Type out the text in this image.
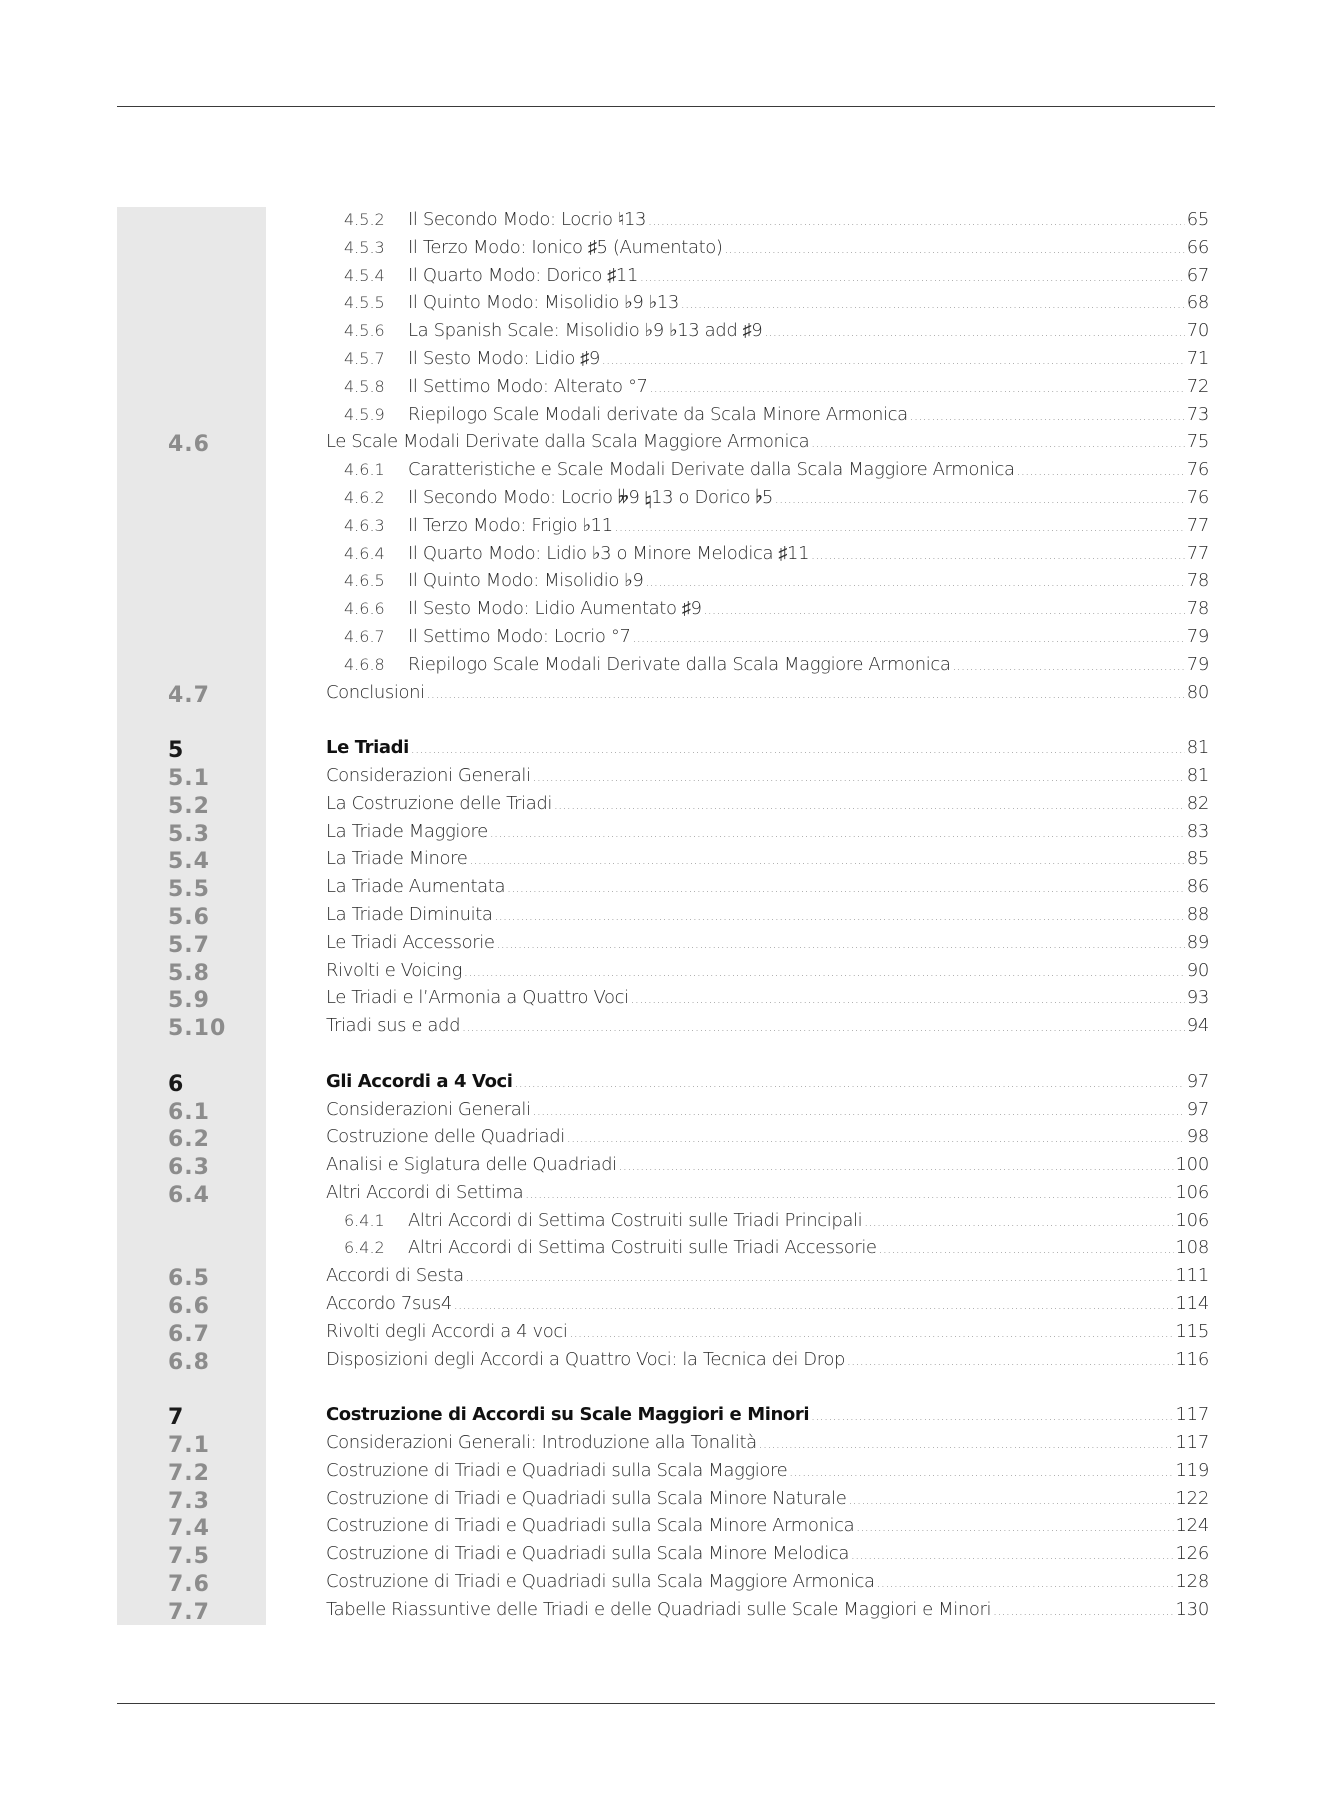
4.5.2	Il Secondo Modo: Locrio ♮13 .....	65
4.5.3	Il Terzo Modo: Ionico ♯5 (Aumentato) .....	66
4.5.4	Il Quarto Modo: Dorico ♯11 .....	67
4.5.5	Il Quinto Modo: Misolidio ♭9 ♭13 .....	68
4.5.6	La Spanish Scale: Misolidio ♭9 ♭13 add ♯9 .....	70
4.5.7	Il Sesto Modo: Lidio ♯9 .....	71
4.5.8	Il Settimo Modo: Alterato °7 .....	72
4.5.9	Riepilogo Scale Modali derivate da Scala Minore Armonica .....	73
4.6	Le Scale Modali Derivate dalla Scala Maggiore Armonica .....	75
4.6.1	Caratteristiche e Scale Modali Derivate dalla Scala Maggiore Armonica .....	76
4.6.2	Il Secondo Modo: Locrio 𝄫9 ♮13 o Dorico ♭5 .....	76
4.6.3	Il Terzo Modo: Frigio ♭11 .....	77
4.6.4	Il Quarto Modo: Lidio ♭3 o Minore Melodica ♯11 .....	77
4.6.5	Il Quinto Modo: Misolidio ♭9 .....	78
4.6.6	Il Sesto Modo: Lidio Aumentato ♯9 .....	78
4.6.7	Il Settimo Modo: Locrio °7 .....	79
4.6.8	Riepilogo Scale Modali Derivate dalla Scala Maggiore Armonica .....	79
4.7	Conclusioni .....	80
5	Le Triadi .....	81
5.1	Considerazioni Generali .....	81
5.2	La Costruzione delle Triadi .....	82
5.3	La Triade Maggiore .....	83
5.4	La Triade Minore .....	85
5.5	La Triade Aumentata .....	86
5.6	La Triade Diminuita .....	88
5.7	Le Triadi Accessorie .....	89
5.8	Rivolti e Voicing .....	90
5.9	Le Triadi e l’Armonia a Quattro Voci .....	93
5.10	Triadi sus e add .....	94
6	Gli Accordi a 4 Voci .....	97
6.1	Considerazioni Generali .....	97
6.2	Costruzione delle Quadriadi .....	98
6.3	Analisi e Siglatura delle Quadriadi .....	100
6.4	Altri Accordi di Settima .....	106
6.4.1	Altri Accordi di Settima Costruiti sulle Triadi Principali .....	106
6.4.2	Altri Accordi di Settima Costruiti sulle Triadi Accessorie .....	108
6.5	Accordi di Sesta .....	111
6.6	Accordo 7sus4 .....	114
6.7	Rivolti degli Accordi a 4 voci .....	115
6.8	Disposizioni degli Accordi a Quattro Voci: la Tecnica dei Drop .....	116
7	Costruzione di Accordi su Scale Maggiori e Minori .....	117
7.1	Considerazioni Generali: Introduzione alla Tonalità .....	117
7.2	Costruzione di Triadi e Quadriadi sulla Scala Maggiore .....	119
7.3	Costruzione di Triadi e Quadriadi sulla Scala Minore Naturale .....	122
7.4	Costruzione di Triadi e Quadriadi sulla Scala Minore Armonica .....	124
7.5	Costruzione di Triadi e Quadriadi sulla Scala Minore Melodica .....	126
7.6	Costruzione di Triadi e Quadriadi sulla Scala Maggiore Armonica .....	128
7.7	Tabelle Riassuntive delle Triadi e delle Quadriadi sulle Scale Maggiori e Minori .....	130
